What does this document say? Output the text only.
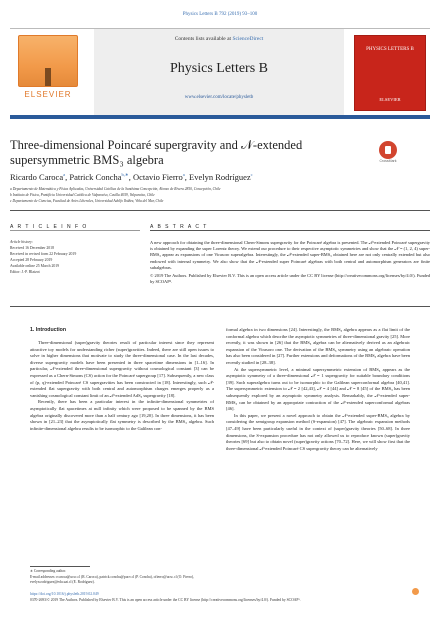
Physics Letters B 792 (2019) 93–100
ELSEVIER
Contents lists available at ScienceDirect
Physics Letters B
www.elsevier.com/locate/physletb
PHYSICS LETTERS B
ELSEVIER
Three-dimensional Poincaré supergravity and 𝒩-extended
supersymmetric BMS₃ algebra	CrossMark
Ricardo Caroca$^a$, Patrick Concha$^{b,∗}$, Octavio Fierro$^a$, Evelyn Rodríguez$^c$
a Departamento de Matemática y Física Aplicadas, Universidad Católica de la Santísima Concepción, Alonso de Rivera 2850, Concepción, Chile
b Instituto de Física, Pontificia Universidad Católica de Valparaíso, Casilla 4059, Valparaíso, Chile
c Departamento de Ciencias, Facultad de Artes Liberales, Universidad Adolfo Ibáñez, Viña del Mar, Chile
A R T I C L E I N F O	A B S T R A C T
Article history:
Received 16 December 2018
Received in revised form 22 February 2019
Accepted 28 February 2019
Available online 25 March 2019
Editor: J.-P. Blaizot
A new approach for obtaining the three-dimensional Chern-Simons supergravity for the Poincaré algebra is presented. The 𝒩-extended Poincaré supergravity is obtained by expanding the super Lorentz theory. We extend our procedure to their respective asymptotic symmetries and show that the 𝒩 = (1, 2, 4) super-BMS₃ appear as expansions of one Virasoro superalgebra. Interestingly, the 𝒩-extended super-BMS₃ obtained here are not only centrally extended but also endowed with internal symmetry. We also show that the 𝒩-extended super Poincaré algebras with both central and automorphism generators are finite subalgebras.
© 2019 The Authors. Published by Elsevier B.V. This is an open access article under the CC BY license (http://creativecommons.org/licenses/by/4.0/). Funded by SCOAP³.
1. Introduction

Three-dimensional (super)gravity theories result of particular interest since they represent attractive toy models for understanding richer (super)gravities. Indeed, there are still open issues to solve in higher dimensions that motivate to study the three-dimensional case. In the last decades, diverse supergravity models have been presented in three spacetime dimensions in [1–16]. In particular, 𝒩-extended three-dimensional supergravity without cosmological constant [3] can be expressed as a Chern-Simons (CS) action for the Poincaré supergroup [17]. Subsequently, a new class of (p, q)-extended Poincaré CS supergravities has been constructed in [18]. Interestingly, such 𝒩-extended flat supergravity with both central and automorphism charges emerges properly as a vanishing cosmological constant limit of an 𝒩-extended AdS₃ supergravity [18].

Recently, there has been a particular interest in the infinite-dimensional symmetries of asymptotically flat spacetimes at null infinity which were proposed to be spanned by the BMS algebra originally discovered more than a half century ago [19,20]. In three dimensions, it has been shown in [21–23] that the asymptotically flat symmetry is described by the BMS₃ algebra. Such infinite-dimensional algebra results to be isomorphic to the Galilean con-

formal algebra in two dimensions [24]. Interestingly, the BMS₃ algebra appears as a flat limit of the conformal algebra which describe the asymptotic symmetries of three-dimensional gravity [25]. More recently, it was shown in [26] that the BMS₃ algebra can be alternatively derived as an algebraic expansion of the Virasoro one. The derivation of the BMS₃ symmetry using an algebraic operation has also been considered in [27]. Further extensions and deformations of the BMS₃ algebra have been recently studied in [28–38].

At the supersymmetric level, a minimal supersymmetric extension of BMS₃ appears as the asymptotic symmetry of a three-dimensional 𝒩 = 1 supergravity for suitable boundary conditions [39]. Such superalgebra turns out to be isomorphic to the Galilean superconformal algebra [40,41]. The supersymmetric extension to 𝒩 = 2 [42,43], 𝒩 = 4 [44] and 𝒩 = 8 [45] of the BMS₃ has been subsequently explored by an asymptotic symmetry analysis. Remarkably, the 𝒩-extended super-BMS₃ can be obtained by an appropriate contraction of the 𝒩-extended superconformal algebras [46].

In this paper, we present a novel approach to obtain the 𝒩-extended super-BMS₃ algebra by considering the semigroup expansion method (S-expansion) [47]. The algebraic expansion methods [47–49] have been particularly useful in the context of (super)gravity theories [50–68]. In three dimensions, the S-expansion procedure has not only allowed us to reproduce known (super)gravity theories [69] but also to obtain novel (super)gravity actions [70–72]. Here, we will show first that the three-dimensional 𝒩-extended Poincaré CS supergravity theory can be alternatively

∗ Corresponding author.
E-mail addresses: rcaroca@ucsc.cl (R. Caroca), patrick.concha@pucv.cl (P. Concha), ofierro@ucsc.cl (O. Fierro), evelyn.rodriguez@edu.uai.cl (E. Rodríguez).
https://doi.org/10.1016/j.physletb.2019.02.049
0370-2693/© 2019 The Authors. Published by Elsevier B.V. This is an open access article under the CC BY license (http://creativecommons.org/licenses/by/4.0/). Funded by SCOAP³.
